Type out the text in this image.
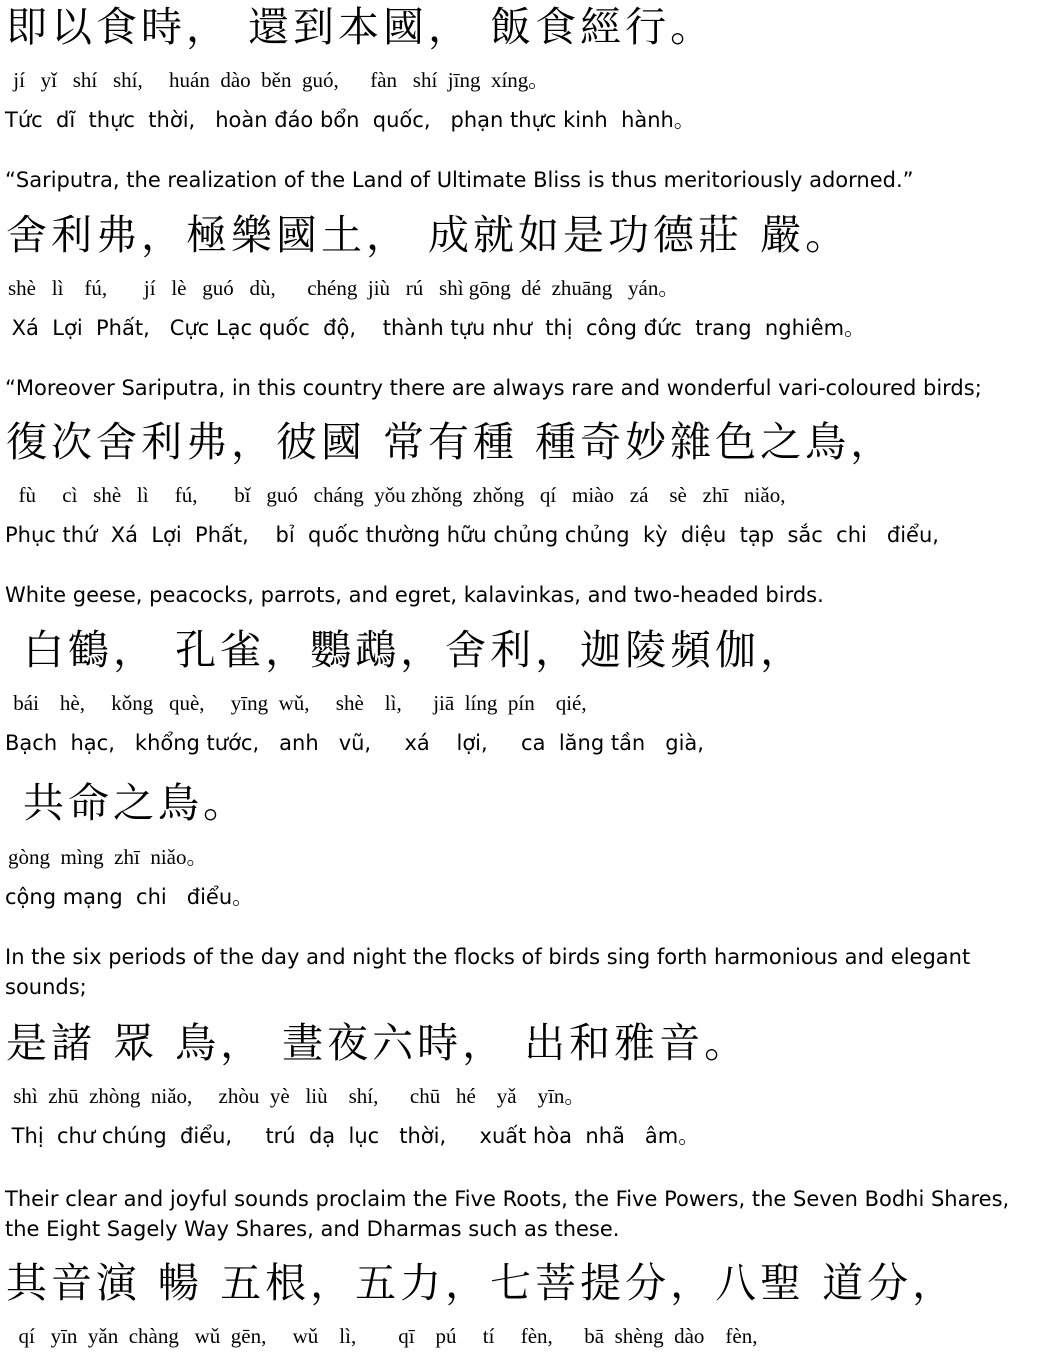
即以食時， 還到本國， 飯食經行。
jí   yǐ   shí   shí,     huán  dào  běn  guó,      fàn   shí  jīng  xíng。
Tức  dĩ  thực  thời,   hoàn đáo bổn  quốc,   phạn thực kinh  hành。
“Sariputra, the realization of the Land of Ultimate Bliss is thus meritoriously adorned.”
舍利弗，極樂國土， 成就如是功德莊 嚴。
shè   lì    fú,       jí   lè   guó   dù,      chéng  jiù   rú   shì gōng  dé  zhuāng   yán。
Xá  Lợi  Phất,   Cực Lạc quốc  độ,    thành tựu như  thị  công đức  trang  nghiêm。
“Moreover Sariputra, in this country there are always rare and wonderful vari-coloured birds;
復次舍利弗，彼國 常有種 種奇妙雜色之鳥，
fù     cì   shè   lì     fú,       bǐ   guó   cháng  yǒu zhǒng  zhǒng   qí   miào   zá    sè   zhī   niǎo,
Phục thứ  Xá  Lợi  Phất,    bỉ  quốc thường hữu chủng chủng  kỳ  diệu  tạp  sắc  chi   điểu,
White geese, peacocks, parrots, and egret, kalavinkas, and two-headed birds.
白鶴， 孔雀，鸚鵡，舍利，迦陵頻伽，
bái    hè,     kǒng   què,     yīng  wǔ,     shè    lì,      jiā  líng  pín    qié,
Bạch  hạc,   khổng tước,   anh   vũ,     xá    lợi,     ca  lăng tần   già,
共命之鳥。
gòng  mìng  zhī  niǎo。
cộng mạng  chi   điểu。
In the six periods of the day and night the flocks of birds sing forth harmonious and elegant sounds;
是諸 眾 鳥， 晝夜六時， 出和雅音。
shì  zhū  zhòng  niǎo,     zhòu  yè   liù    shí,      chū   hé    yǎ    yīn。
Thị  chư chúng  điểu,     trú  dạ  lục   thời,     xuất hòa  nhã   âm。
Their clear and joyful sounds proclaim the Five Roots, the Five Powers, the Seven Bodhi Shares, the Eight Sagely Way Shares, and Dharmas such as these.
其音演 暢 五根，五力，七菩提分，八聖 道分，
qí   yīn  yǎn  chàng   wǔ  gēn,     wǔ    lì,        qī    pú     tí     fèn,      bā  shèng  dào    fèn,
